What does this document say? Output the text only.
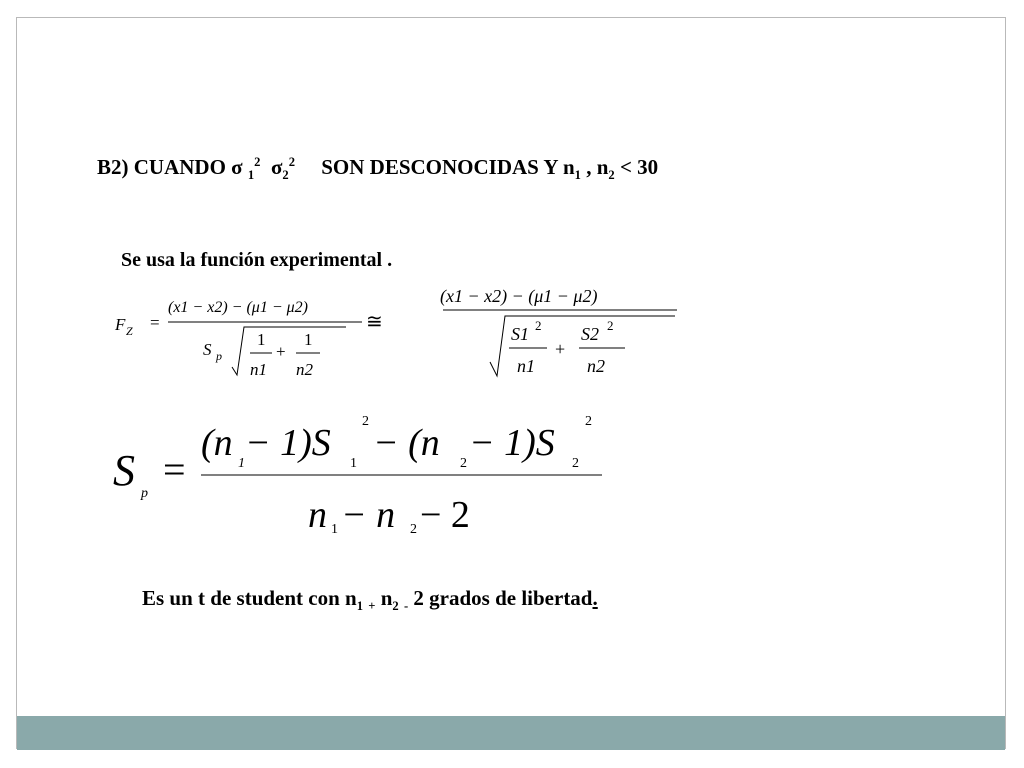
B2) CUANDO σ $_1^2$ $\sigma_2^2$ SON DESCONOCIDAS Y $n_1$ , $n_2 < 30$
Se usa la función experimental .
F Z =
(x1 − x2) − (μ1 − μ2)
S p
1
n1
+
1
n2
≅
(x1 − x2) − (μ1 − μ2)
S1 2
n1
+
S2 2
n2
S p
=
(n 1 − 1)S 1
2
− (n 2 − 1)S 2
2
n 1 − n 2 − 2
Es un t de student con $n_1$ $_+$ $n_2$ $_-$ 2 grados de libertad.
